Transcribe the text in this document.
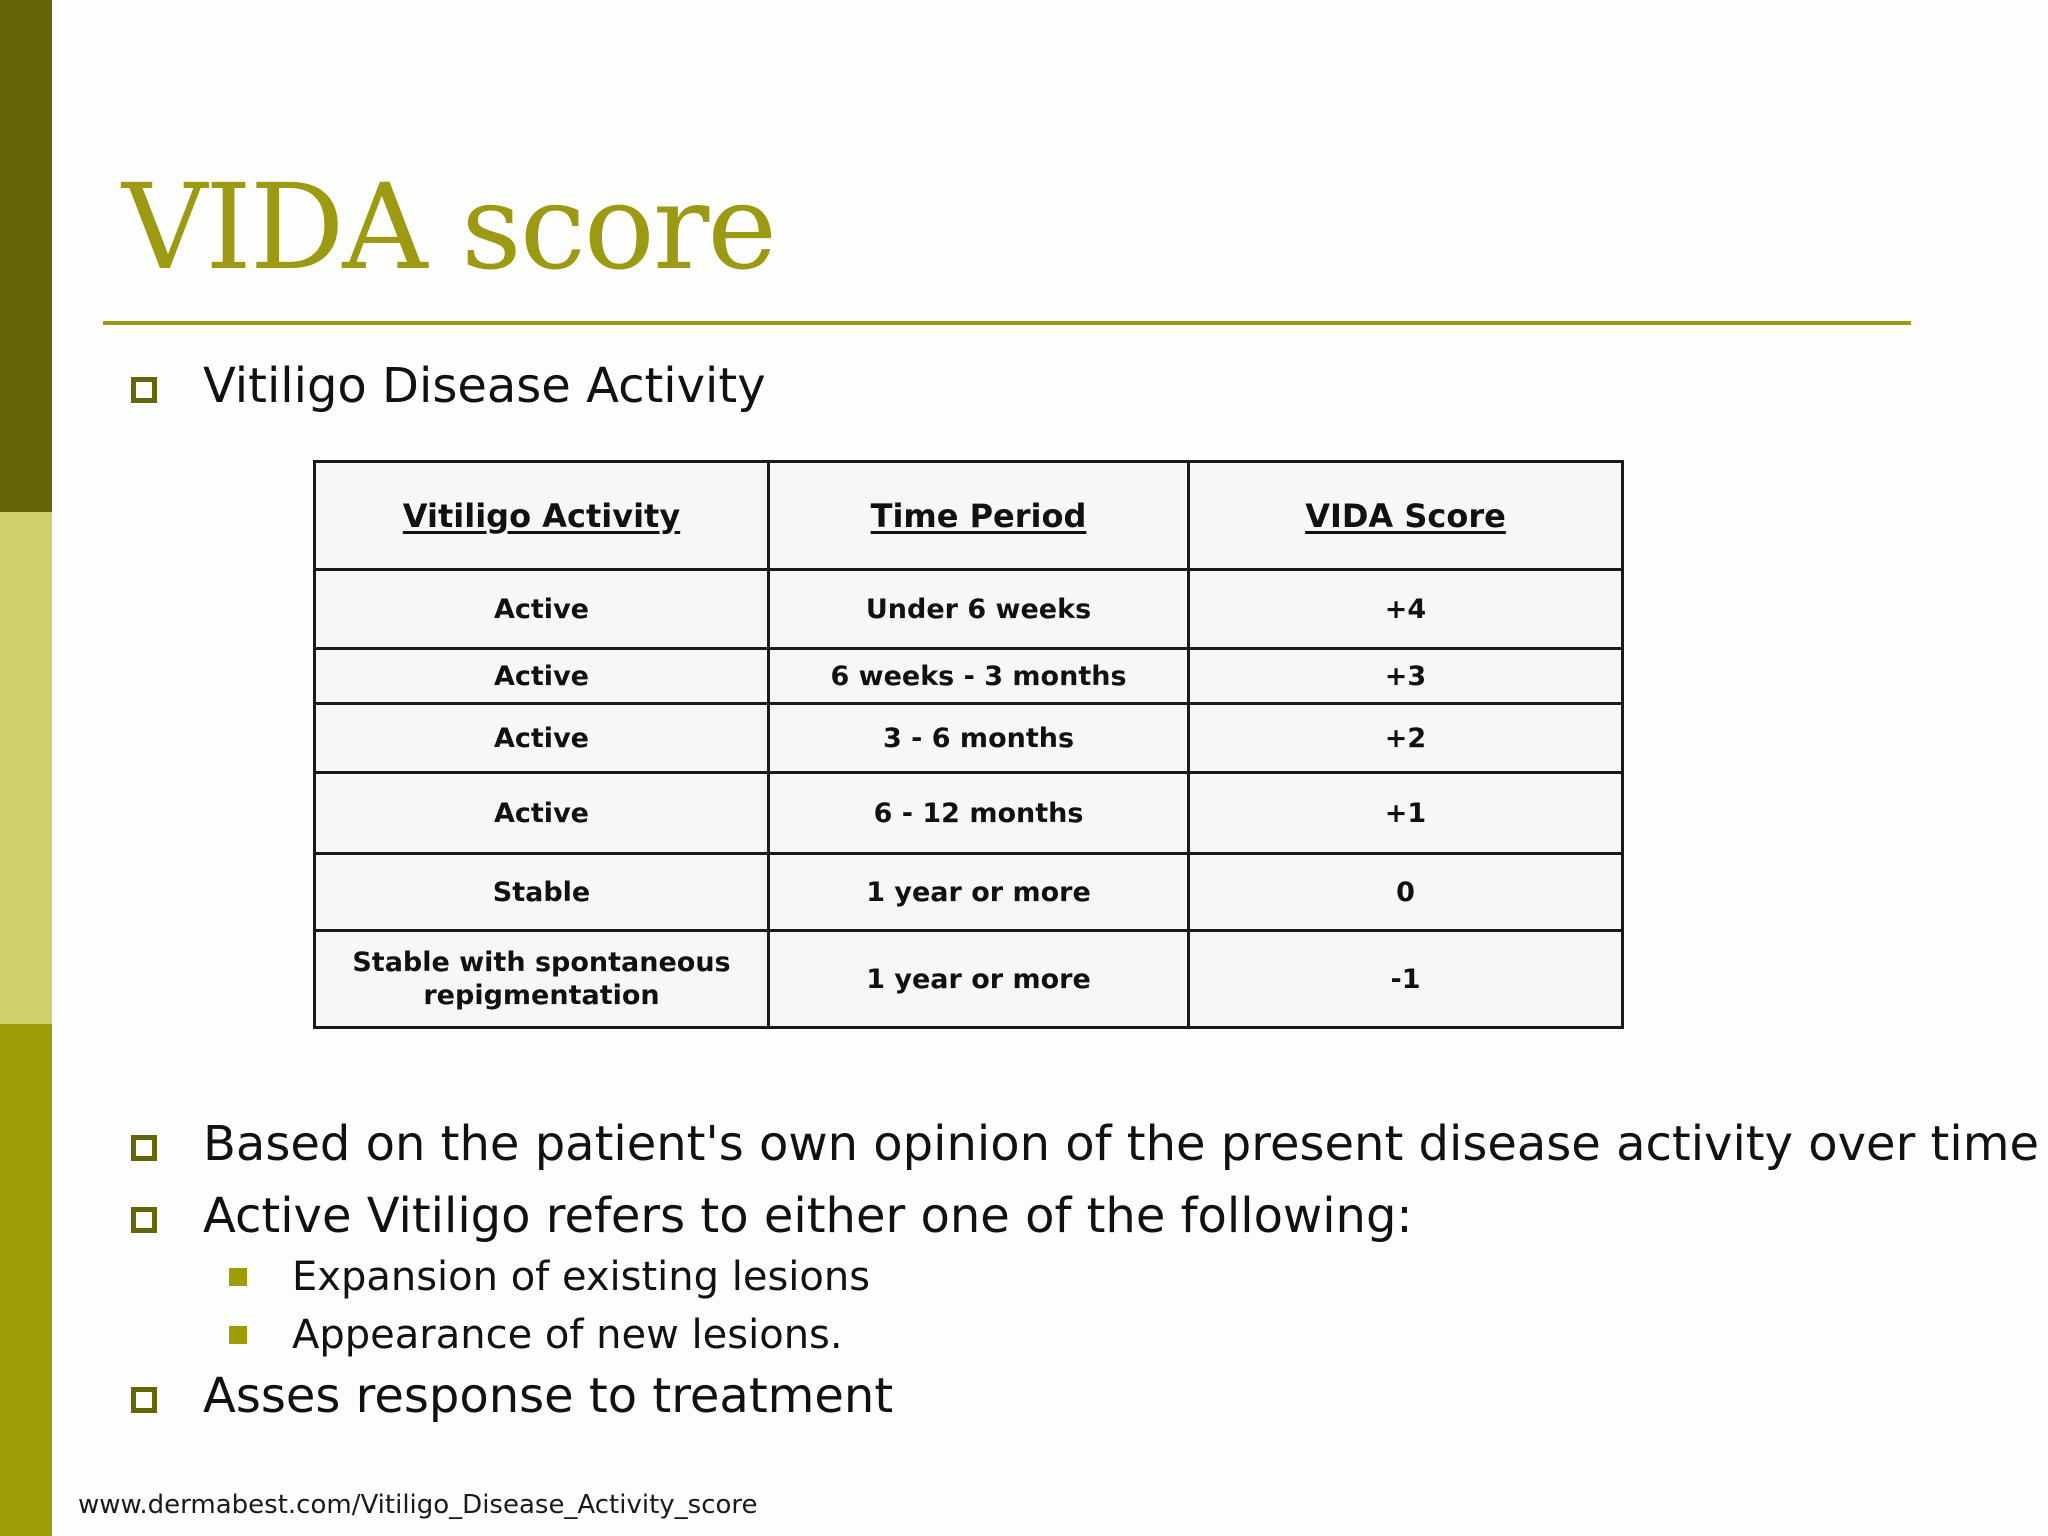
VIDA score
Vitiligo Disease Activity
Vitiligo Activity	Time Period	VIDA Score
Active	Under 6 weeks	+4
Active	6 weeks - 3 months	+3
Active	3 - 6 months	+2
Active	6 - 12 months	+1
Stable	1 year or more	0
Stable with spontaneous repigmentation	1 year or more	-1
Based on the patient's own opinion of the present disease activity over time
Active Vitiligo refers to either one of the following:
Expansion of existing lesions
Appearance of new lesions.
Asses response to treatment
www.dermabest.com/Vitiligo_Disease_Activity_score
